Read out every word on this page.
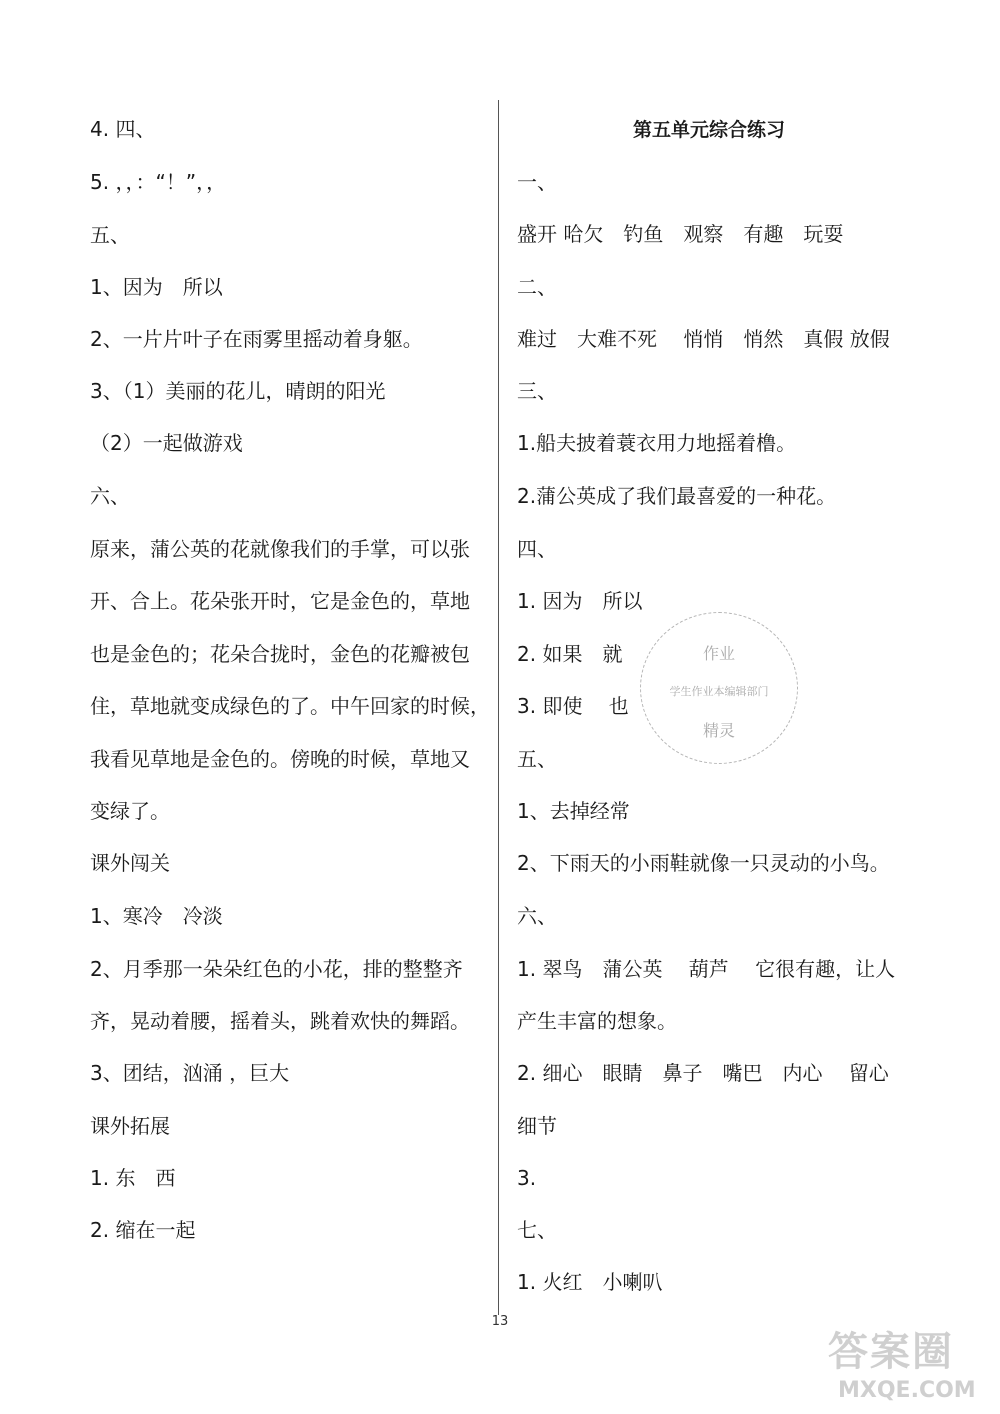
4. 四、
5. ，，：“！”，，
五、
1、因为　所以
2、一片片叶子在雨雾里摇动着身躯。
3、（1）美丽的花儿，晴朗的阳光
（2）一起做游戏
六、
原来，蒲公英的花就像我们的手掌，可以张
开、合上。花朵张开时，它是金色的，草地
也是金色的；花朵合拢时，金色的花瓣被包
住，草地就变成绿色的了。中午回家的时候，
我看见草地是金色的。傍晚的时候，草地又
变绿了。
课外闯关
1、寒冷　冷淡
2、月季那一朵朵红色的小花，排的整整齐
齐，晃动着腰，摇着头，跳着欢快的舞蹈。
3、团结，汹涌 ，巨大
课外拓展
1. 东　西
2. 缩在一起
第五单元综合练习
一、
盛开 哈欠　钓鱼　观察　有趣　玩耍
二、
难过　大难不死　 悄悄　悄然　真假 放假
三、
1.船夫披着蓑衣用力地摇着橹。
2.蒲公英成了我们最喜爱的一种花。
四、
1. 因为　所以
2. 如果　就
3. 即使　 也
五、
1、去掉经常
2、下雨天的小雨鞋就像一只灵动的小鸟。
六、
1. 翠鸟　蒲公英　 葫芦　 它很有趣，让人
产生丰富的想象。
2. 细心　眼睛　鼻子　嘴巴　内心　 留心
细节
3.
七、
1. 火红　小喇叭
作业
学生作业本编辑部门
精灵
13
答案圈
MXQE.COM
